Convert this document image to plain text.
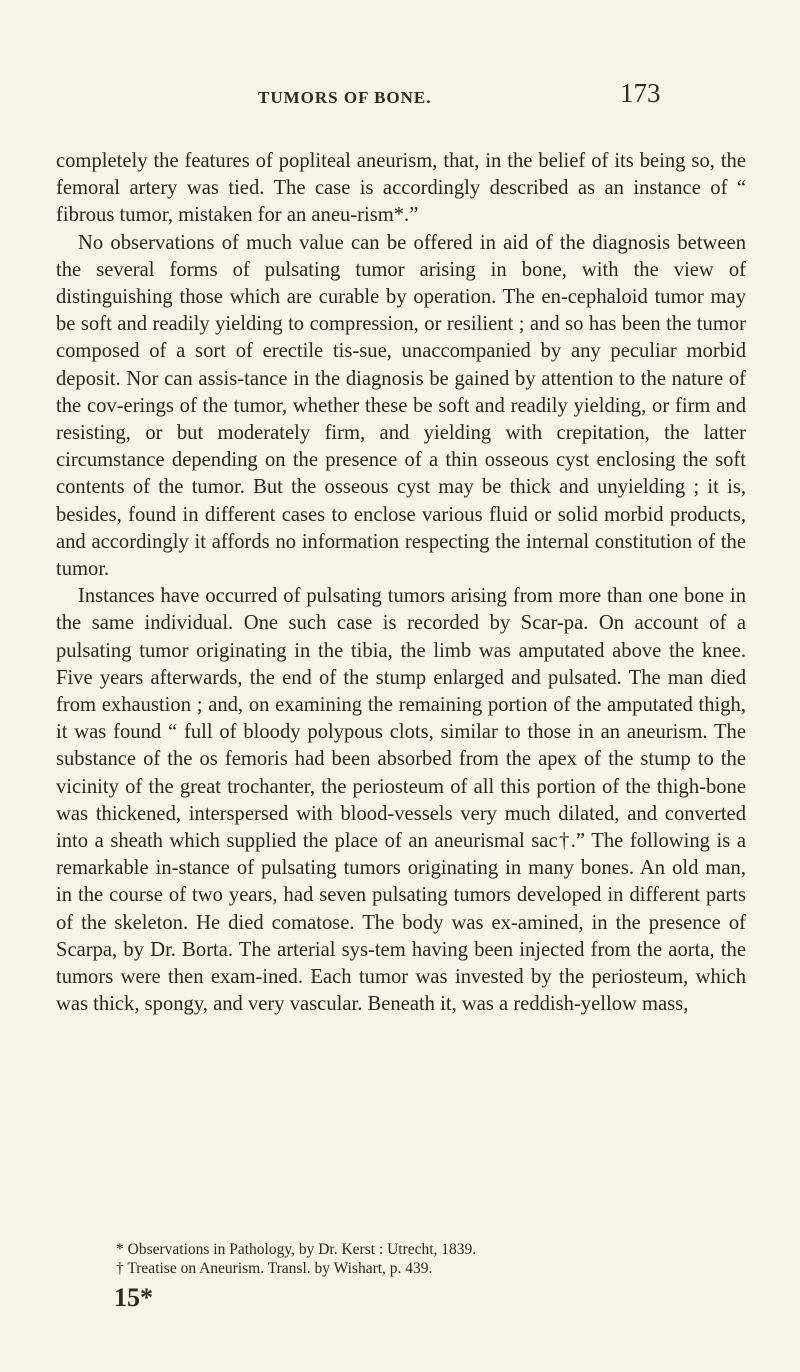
TUMORS OF BONE.	173

completely the features of popliteal aneurism, that, in the belief of its being so, the femoral artery was tied. The case is accordingly described as an instance of “ fibrous tumor, mistaken for an aneu-rism*.”

No observations of much value can be offered in aid of the diagnosis between the several forms of pulsating tumor arising in bone, with the view of distinguishing those which are curable by operation. The en-cephaloid tumor may be soft and readily yielding to compression, or resilient ; and so has been the tumor composed of a sort of erectile tis-sue, unaccompanied by any peculiar morbid deposit. Nor can assis-tance in the diagnosis be gained by attention to the nature of the cov-erings of the tumor, whether these be soft and readily yielding, or firm and resisting, or but moderately firm, and yielding with crepitation, the latter circumstance depending on the presence of a thin osseous cyst enclosing the soft contents of the tumor. But the osseous cyst may be thick and unyielding ; it is, besides, found in different cases to enclose various fluid or solid morbid products, and accordingly it affords no information respecting the internal constitution of the tumor.

Instances have occurred of pulsating tumors arising from more than one bone in the same individual. One such case is recorded by Scar-pa. On account of a pulsating tumor originating in the tibia, the limb was amputated above the knee. Five years afterwards, the end of the stump enlarged and pulsated. The man died from exhaustion ; and, on examining the remaining portion of the amputated thigh, it was found “ full of bloody polypous clots, similar to those in an aneurism. The substance of the os femoris had been absorbed from the apex of the stump to the vicinity of the great trochanter, the periosteum of all this portion of the thigh-bone was thickened, interspersed with blood-vessels very much dilated, and converted into a sheath which supplied the place of an aneurismal sac†.” The following is a remarkable in-stance of pulsating tumors originating in many bones. An old man, in the course of two years, had seven pulsating tumors developed in different parts of the skeleton. He died comatose. The body was ex-amined, in the presence of Scarpa, by Dr. Borta. The arterial sys-tem having been injected from the aorta, the tumors were then exam-ined. Each tumor was invested by the periosteum, which was thick, spongy, and very vascular. Beneath it, was a reddish-yellow mass,

* Observations in Pathology, by Dr. Kerst : Utrecht, 1839.

† Treatise on Aneurism. Transl. by Wishart, p. 439.

15*
